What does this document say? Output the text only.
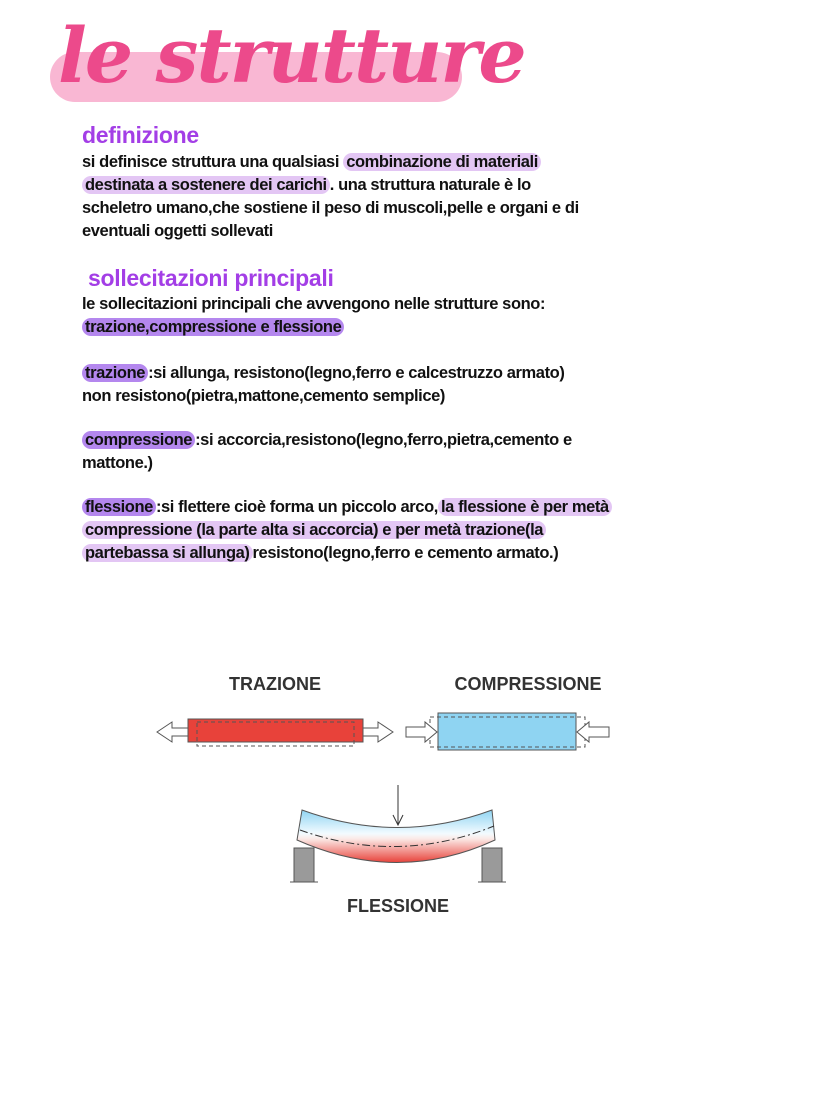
le strutture
definizione
si definisce struttura una qualsiasi combinazione di materiali
destinata a sostenere dei carichi . una struttura naturale è lo
scheletro umano,che sostiene il peso di muscoli,pelle e organi e di
eventuali oggetti sollevati
sollecitazioni principali
le sollecitazioni principali che avvengono nelle strutture sono:
trazione,compressione e flessione
trazione :si allunga, resistono(legno,ferro e calcestruzzo armato)
non resistono(pietra,mattone,cemento semplice)
compressione :si accorcia,resistono(legno,ferro,pietra,cemento e
mattone.)
flessione :si flettere cioè forma un piccolo arco, la flessione è per metà
compressione (la parte alta si accorcia) e per metà trazione(la
partebassa si allunga) resistono(legno,ferro e cemento armato.)
TRAZIONE	COMPRESSIONE
FLESSIONE
